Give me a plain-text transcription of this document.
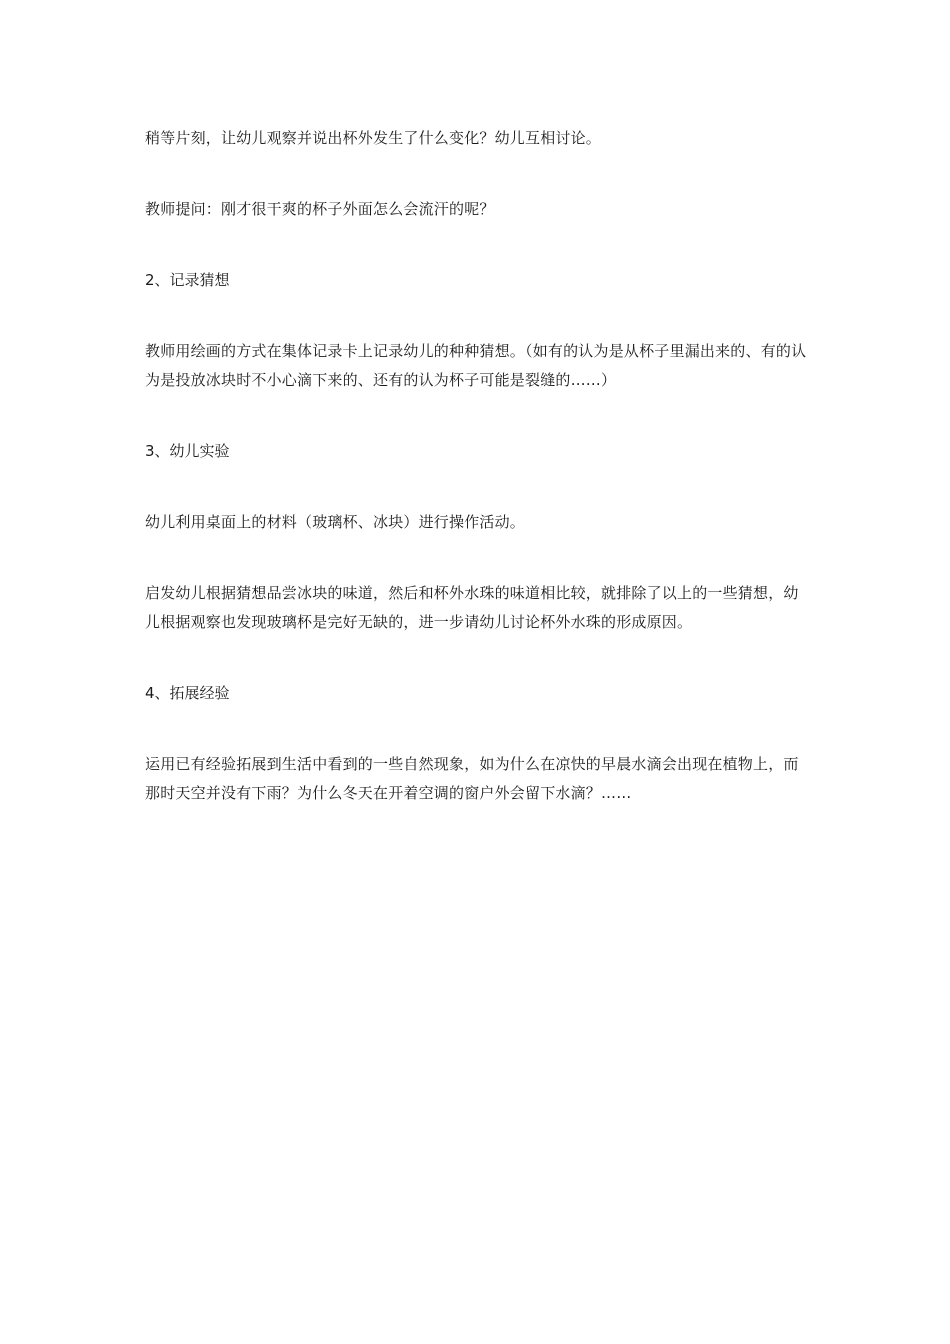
稍等片刻，让幼儿观察并说出杯外发生了什么变化？幼儿互相讨论。

教师提问：刚才很干爽的杯子外面怎么会流汗的呢？

2、记录猜想

教师用绘画的方式在集体记录卡上记录幼儿的种种猜想。（如有的认为是从杯子里漏出来的、有的认为是投放冰块时不小心滴下来的、还有的认为杯子可能是裂缝的……）

3、幼儿实验

幼儿利用桌面上的材料（玻璃杯、冰块）进行操作活动。

启发幼儿根据猜想品尝冰块的味道，然后和杯外水珠的味道相比较，就排除了以上的一些猜想，幼儿根据观察也发现玻璃杯是完好无缺的，进一步请幼儿讨论杯外水珠的形成原因。

4、拓展经验

运用已有经验拓展到生活中看到的一些自然现象，如为什么在凉快的早晨水滴会出现在植物上，而那时天空并没有下雨？为什么冬天在开着空调的窗户外会留下水滴？……
